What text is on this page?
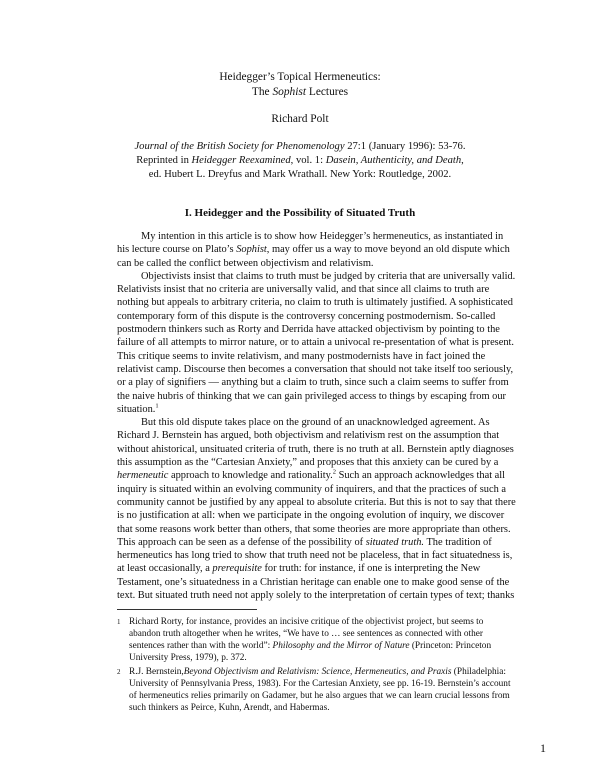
Heidegger’s Topical Hermeneutics:
The Sophist Lectures
Richard Polt
Journal of the British Society for Phenomenology 27:1 (January 1996): 53-76.
Reprinted in Heidegger Reexamined, vol. 1: Dasein, Authenticity, and Death,
ed. Hubert L. Dreyfus and Mark Wrathall. New York: Routledge, 2002.
I. Heidegger and the Possibility of Situated Truth

My intention in this article is to show how Heidegger’s hermeneutics, as instantiated in his lecture course on Plato’s Sophist, may offer us a way to move beyond an old dispute which can be called the conflict between objectivism and relativism.

Objectivists insist that claims to truth must be judged by criteria that are universally valid. Relativists insist that no criteria are universally valid, and that since all claims to truth are nothing but appeals to arbitrary criteria, no claim to truth is ultimately justified. A sophisticated contemporary form of this dispute is the controversy concerning postmodernism. So-called postmodern thinkers such as Rorty and Derrida have attacked objectivism by pointing to the failure of all attempts to mirror nature, or to attain a univocal re-presentation of what is present. This critique seems to invite relativism, and many postmodernists have in fact joined the relativist camp. Discourse then becomes a conversation that should not take itself too seriously, or a play of signifiers — anything but a claim to truth, since such a claim seems to suffer from the naive hubris of thinking that we can gain privileged access to things by escaping from our situation.$^1$

But this old dispute takes place on the ground of an unacknowledged agreement. As Richard J. Bernstein has argued, both objectivism and relativism rest on the assumption that without ahistorical, unsituated criteria of truth, there is no truth at all. Bernstein aptly diagnoses this assumption as the “Cartesian Anxiety,” and proposes that this anxiety can be cured by a hermeneutic approach to knowledge and rationality.$^2$ Such an approach acknowledges that all inquiry is situated within an evolving community of inquirers, and that the practices of such a community cannot be justified by any appeal to absolute criteria. But this is not to say that there is no justification at all: when we participate in the ongoing evolution of inquiry, we discover that some reasons work better than others, that some theories are more appropriate than others. This approach can be seen as a defense of the possibility of situated truth. The tradition of hermeneutics has long tried to show that truth need not be placeless, that in fact situatedness is, at least occasionally, a prerequisite for truth: for instance, if one is interpreting the New Testament, one’s situatedness in a Christian heritage can enable one to make good sense of the text. But situated truth need not apply solely to the interpretation of certain types of text; thanks

1 Richard Rorty, for instance, provides an incisive critique of the objectivist project, but seems to abandon truth altogether when he writes, “We have to … see sentences as connected with other sentences rather than with the world”: Philosophy and the Mirror of Nature (Princeton: Princeton University Press, 1979), p. 372.
2 R.J. Bernstein,Beyond Objectivism and Relativism: Science, Hermeneutics, and Praxis (Philadelphia: University of Pennsylvania Press, 1983). For the Cartesian Anxiety, see pp. 16-19. Bernstein’s account of hermeneutics relies primarily on Gadamer, but he also argues that we can learn crucial lessons from such thinkers as Peirce, Kuhn, Arendt, and Habermas.
1
